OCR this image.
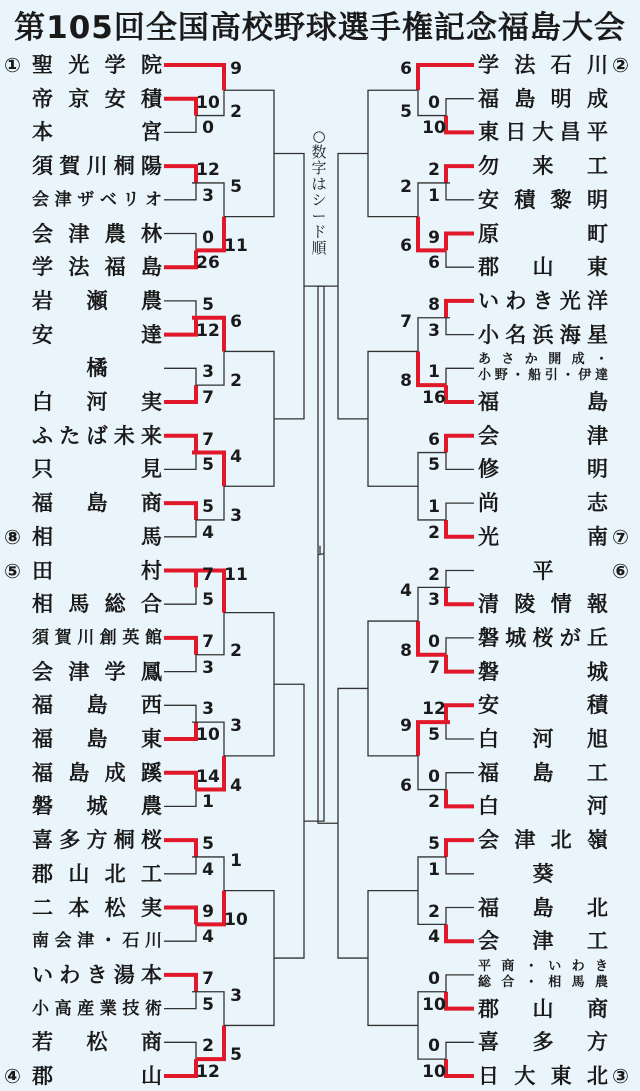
第105回全国高校野球選手権記念福島大会
○数字はシード順
① 聖光学院
帝京安積
本宮
須賀川桐陽
会津ザベリオ
会津農林
学法福島
岩瀬農
安達
橘
白河実
ふたば未来
只見
福島商
⑧ 相馬
⑤ 田村
相馬総合
須賀川創英館
会津学鳳
福島西
福島東
福島成蹊
磐城農
喜多方桐桜
郡山北工
二本松実
南会津・石川
いわき湯本
小高産業技術
若松商
④ 郡山
②
学法石川
福島明成
東日大昌平
勿来工
安積黎明
原町
郡山東
いわき光洋
小名浜海星
あさか開成・
小野・船引・伊達
福島
会津
修明
尚志
⑦
光南
⑥
平
清陵情報
磐城桜が丘
磐城
安積
白河旭
福島工
白河
会津北嶺
葵
福島北
会津工
平商・いわき
総合・相馬農
郡山商
喜多方
③
日大東北
10
0
12
3
0
26
5
12
3
7
7
5
5
4
7
5
7
3
3
10
14
1
5
4
9
4
7
5
2
12
9
2
5
11
6
2
4
3
11
2
3
4
1
10
3
5
0
10
2
1
9
6
8
3
1
16
6
5
1
2
2
3
0
7
12
5
0
2
5
1
2
4
0
10
0
10
6
5
2
6
7
8
4
8
9
6
